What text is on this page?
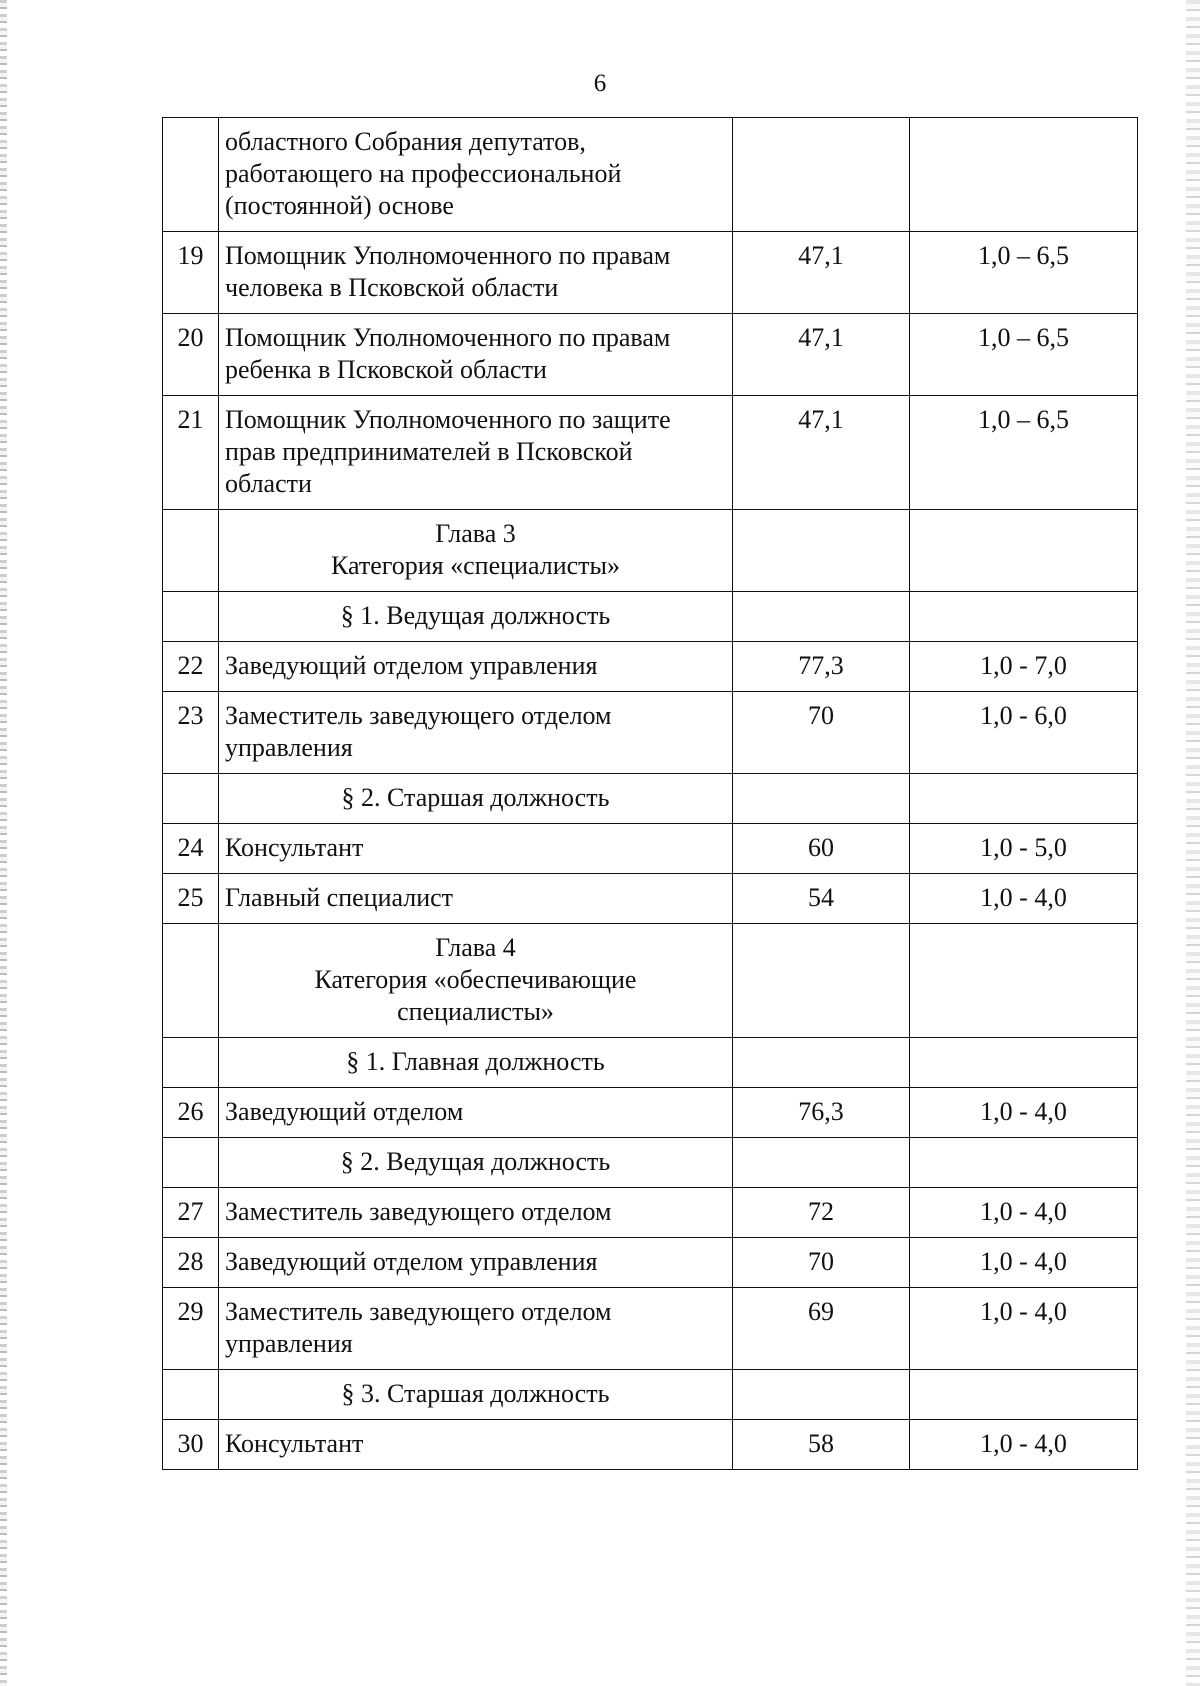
6

	областного Собрания депутатов,
работающего на профессиональной
(постоянной) основе		

19	Помощник Уполномоченного по правам
человека в Псковской области	47,1	1,0 – 6,5
20	Помощник Уполномоченного по правам
ребенка в Псковской области	47,1	1,0 – 6,5
21	Помощник Уполномоченного по защите
прав предпринимателей в Псковской
области	47,1	1,0 – 6,5

	Глава 3
Категория «специалисты»		

	§ 1. Ведущая должность		

22	Заведующий отделом управления	77,3	1,0 - 7,0
23	Заместитель заведующего отделом
управления	70	1,0 - 6,0

	§ 2. Старшая должность		

24	Консультант	60	1,0 - 5,0
25	Главный специалист	54	1,0 - 4,0

	Глава 4
Категория «обеспечивающие
специалисты»		

	§ 1. Главная должность		

26	Заведующий отделом	76,3	1,0 - 4,0

	§ 2. Ведущая должность		

27	Заместитель заведующего отделом	72	1,0 - 4,0
28	Заведующий отделом управления	70	1,0 - 4,0
29	Заместитель заведующего отделом
управления	69	1,0 - 4,0

	§ 3. Старшая должность		

30	Консультант	58	1,0 - 4,0
